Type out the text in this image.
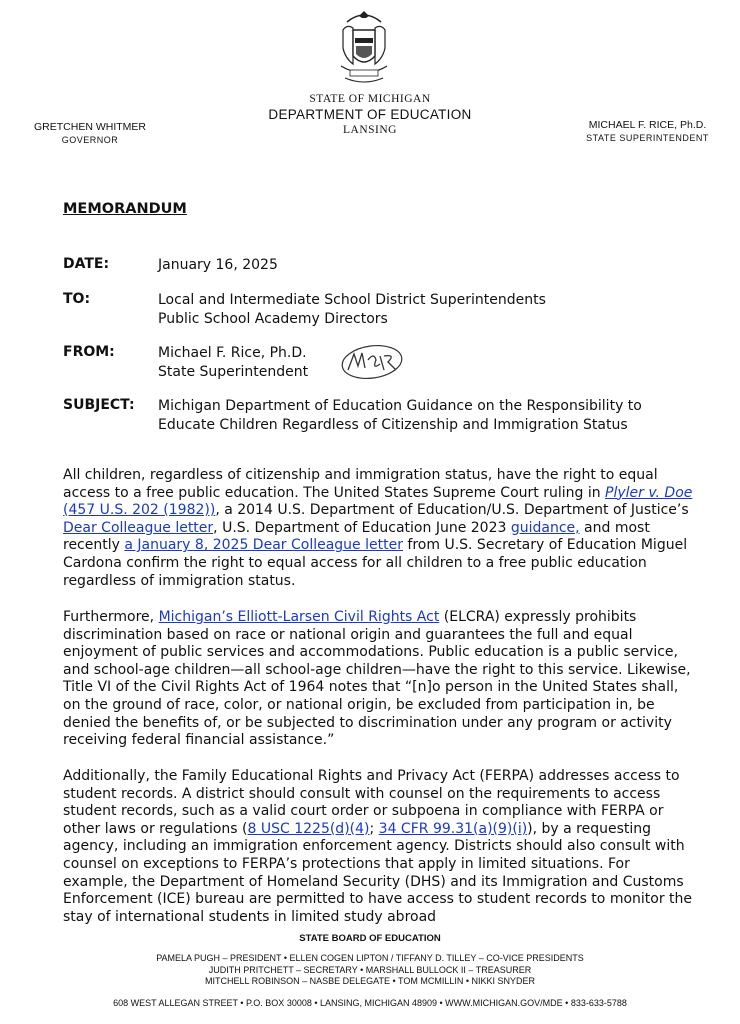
STATE OF MICHIGAN
DEPARTMENT OF EDUCATION
LANSING
GRETCHEN WHITMER
GOVERNOR
MICHAEL F. RICE, Ph.D.
STATE SUPERINTENDENT
MEMORANDUM
DATE:	January 16, 2025
TO:	Local and Intermediate School District Superintendents
Public School Academy Directors
FROM:	Michael F. Rice, Ph.D.
State Superintendent
SUBJECT: Michigan Department of Education Guidance on the Responsibility to
Educate Children Regardless of Citizenship and Immigration Status

All children, regardless of citizenship and immigration status, have the right to equal access to a free public education. The United States Supreme Court ruling in Plyler v. Doe (457 U.S. 202 (1982)), a 2014 U.S. Department of Education/U.S. Department of Justice’s Dear Colleague letter, U.S. Department of Education June 2023 guidance, and most recently a January 8, 2025 Dear Colleague letter from U.S. Secretary of Education Miguel Cardona confirm the right to equal access for all children to a free public education regardless of immigration status.

Furthermore, Michigan’s Elliott-Larsen Civil Rights Act (ELCRA) expressly prohibits discrimination based on race or national origin and guarantees the full and equal enjoyment of public services and accommodations. Public education is a public service, and school-age children—all school-age children—have the right to this service. Likewise, Title VI of the Civil Rights Act of 1964 notes that “[n]o person in the United States shall, on the ground of race, color, or national origin, be excluded from participation in, be denied the benefits of, or be subjected to discrimination under any program or activity receiving federal financial assistance.”

Additionally, the Family Educational Rights and Privacy Act (FERPA) addresses access to student records. A district should consult with counsel on the requirements to access student records, such as a valid court order or subpoena in compliance with FERPA or other laws or regulations (8 USC 1225(d)(4); 34 CFR 99.31(a)(9)(i)), by a requesting agency, including an immigration enforcement agency. Districts should also consult with counsel on exceptions to FERPA’s protections that apply in limited situations. For example, the Department of Homeland Security (DHS) and its Immigration and Customs Enforcement (ICE) bureau are permitted to have access to student records to monitor the stay of international students in limited study abroad

STATE BOARD OF EDUCATION
PAMELA PUGH – PRESIDENT • ELLEN COGEN LIPTON / TIFFANY D. TILLEY – CO-VICE PRESIDENTS
JUDITH PRITCHETT – SECRETARY • MARSHALL BULLOCK II – TREASURER
MITCHELL ROBINSON – NASBE DELEGATE • TOM MCMILLIN • NIKKI SNYDER
608 WEST ALLEGAN STREET • P.O. BOX 30008 • LANSING, MICHIGAN 48909 • WWW.MICHIGAN.GOV/MDE • 833-633-5788
